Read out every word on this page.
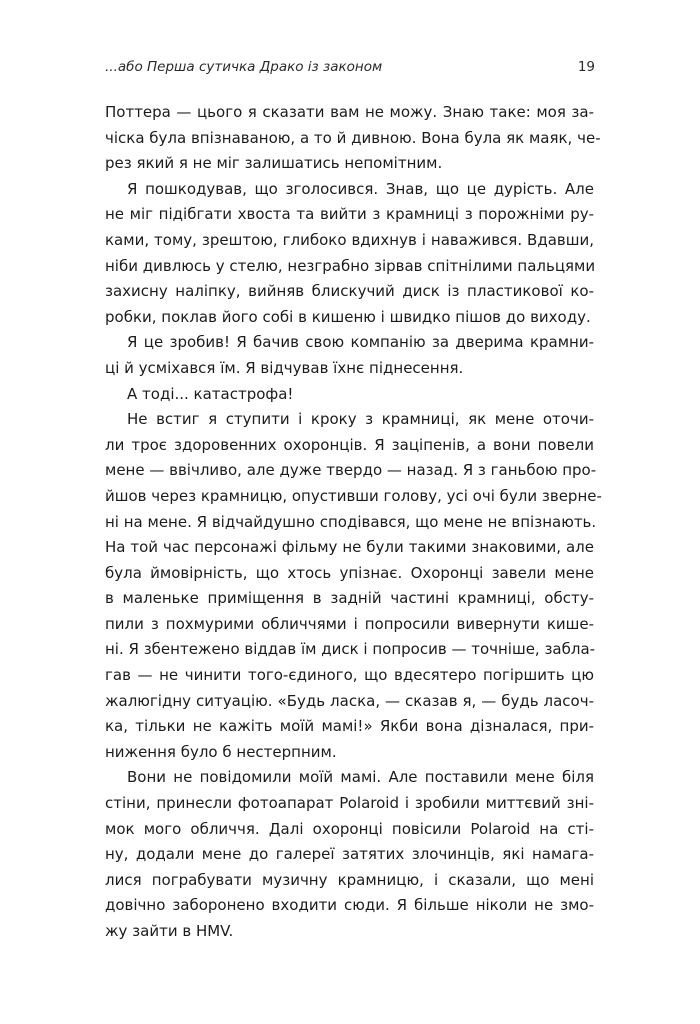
...або Перша сутичка Драко із законом	19
Поттера — цього я сказати вам не можу. Знаю таке: моя за-
чіска була впізнаваною, а то й дивною. Вона була як маяк, че-
рез який я не міг залишатись непомітним.
Я пошкодував, що зголосився. Знав, що це дурість. Але
не міг підібгати хвоста та вийти з крамниці з порожніми ру-
ками, тому, зрештою, глибоко вдихнув і наважився. Вдавши,
ніби дивлюсь у стелю, незграбно зірвав спітнілими пальцями
захисну наліпку, вийняв блискучий диск із пластикової ко-
робки, поклав його собі в кишеню і швидко пішов до виходу.
Я це зробив! Я бачив свою компанію за дверима крамни-
ці й усміхався їм. Я відчував їхнє піднесення.
А тоді... катастрофа!
Не встиг я ступити і кроку з крамниці, як мене оточи-
ли троє здоровенних охоронців. Я заціпенів, а вони повели
мене — ввічливо, але дуже твердо — назад. Я з ганьбою про-
йшов через крамницю, опустивши голову, усі очі були зверне-
ні на мене. Я відчайдушно сподівався, що мене не впізнають.
На той час персонажі фільму не були такими знаковими, але
була ймовірність, що хтось упізнає. Охоронці завели мене
в маленьке приміщення в задній частині крамниці, обсту-
пили з похмурими обличчями і попросили вивернути кише-
ні. Я збентежено віддав їм диск і попросив — точніше, забла-
гав — не чинити того-єдиного, що вдесятеро погіршить цю
жалюгідну ситуацію. «Будь ласка, — сказав я, — будь ласоч-
ка, тільки не кажіть моїй мамі!» Якби вона дізналася, при-
ниження було б нестерпним.
Вони не повідомили моїй мамі. Але поставили мене біля
стіни, принесли фотоапарат Polaroid і зробили миттєвий зні-
мок мого обличчя. Далі охоронці повісили Polaroid на сті-
ну, додали мене до галереї затятих злочинців, які намага-
лися пограбувати музичну крамницю, і сказали, що мені
довічно заборонено входити сюди. Я більше ніколи не змо-
жу зайти в HMV.
